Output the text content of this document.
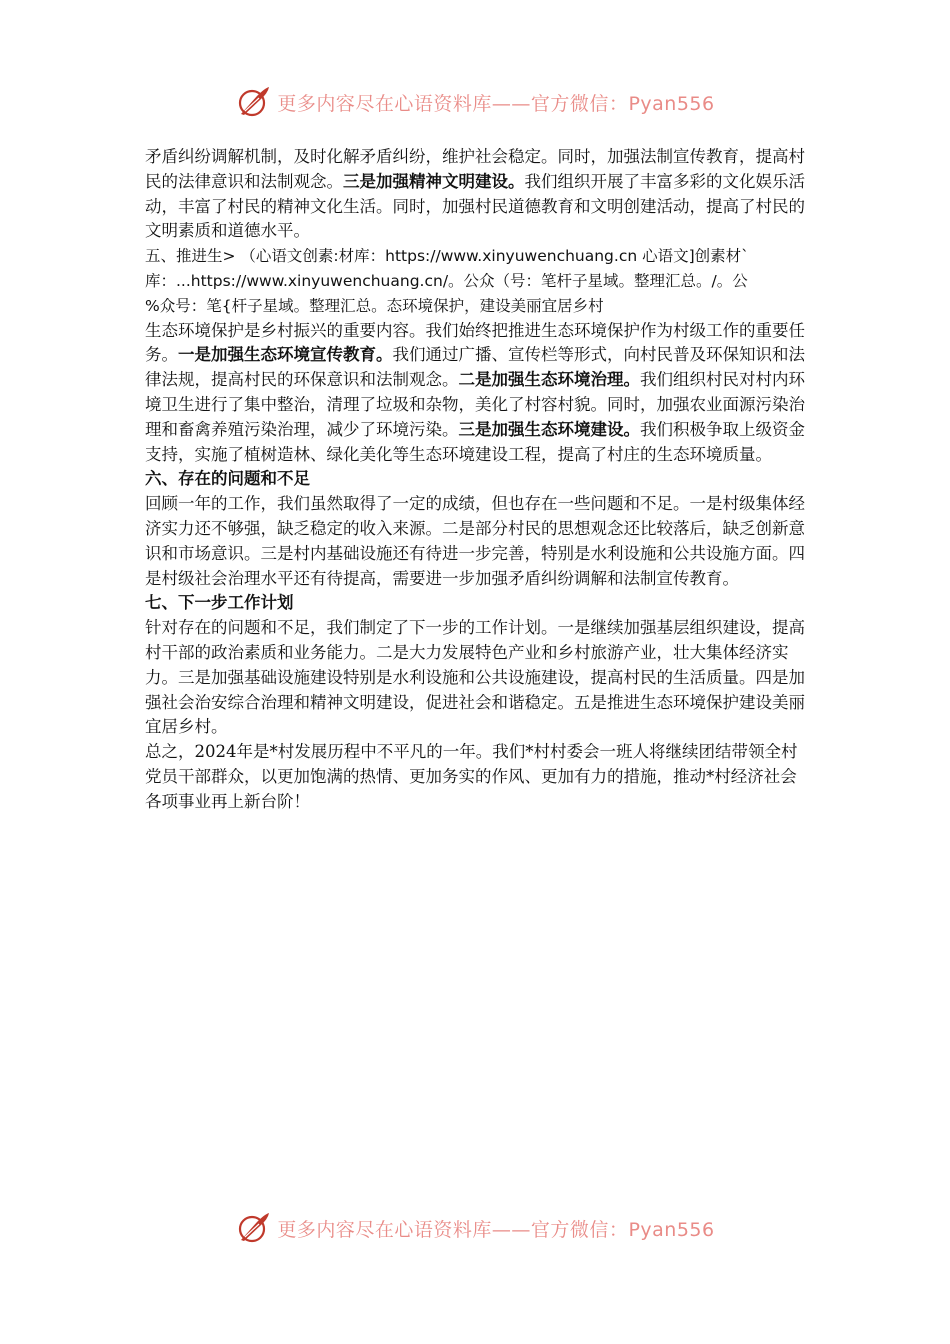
更多内容尽在心语资料库——官方微信：Pyan556

矛盾纠纷调解机制，及时化解矛盾纠纷，维护社会稳定。同时，加强法制宣传教育，提高村民的法律意识和法制观念。三是加强精神文明建设。我们组织开展了丰富多彩的文化娱乐活动，丰富了村民的精神文化生活。同时，加强村民道德教育和文明创建活动，提高了村民的文明素质和道德水平。

五、推进生> （心语文创素:材库：https://www.xinyuwenchuang.cn 心语文]创素材`
库：...https://www.xinyuwenchuang.cn/。公众（号：笔杆子星域。整理汇总。/。公
%众号：笔{杆子星域。整理汇总。态环境保护，建设美丽宜居乡村

生态环境保护是乡村振兴的重要内容。我们始终把推进生态环境保护作为村级工作的重要任务。一是加强生态环境宣传教育。我们通过广播、宣传栏等形式，向村民普及环保知识和法律法规，提高村民的环保意识和法制观念。二是加强生态环境治理。我们组织村民对村内环境卫生进行了集中整治，清理了垃圾和杂物，美化了村容村貌。同时，加强农业面源污染治理和畜禽养殖污染治理，减少了环境污染。三是加强生态环境建设。我们积极争取上级资金支持，实施了植树造林、绿化美化等生态环境建设工程，提高了村庄的生态环境质量。

六、存在的问题和不足

回顾一年的工作，我们虽然取得了一定的成绩，但也存在一些问题和不足。一是村级集体经济实力还不够强，缺乏稳定的收入来源。二是部分村民的思想观念还比较落后，缺乏创新意识和市场意识。三是村内基础设施还有待进一步完善，特别是水利设施和公共设施方面。四是村级社会治理水平还有待提高，需要进一步加强矛盾纠纷调解和法制宣传教育。

七、下一步工作计划

针对存在的问题和不足，我们制定了下一步的工作计划。一是继续加强基层组织建设，提高村干部的政治素质和业务能力。二是大力发展特色产业和乡村旅游产业，壮大集体经济实力。三是加强基础设施建设特别是水利设施和公共设施建设，提高村民的生活质量。四是加强社会治安综合治理和精神文明建设，促进社会和谐稳定。五是推进生态环境保护建设美丽宜居乡村。

总之，2024年是*村发展历程中不平凡的一年。我们*村村委会一班人将继续团结带领全村党员干部群众，以更加饱满的热情、更加务实的作风、更加有力的措施，推动*村经济社会各项事业再上新台阶！

更多内容尽在心语资料库——官方微信：Pyan556
